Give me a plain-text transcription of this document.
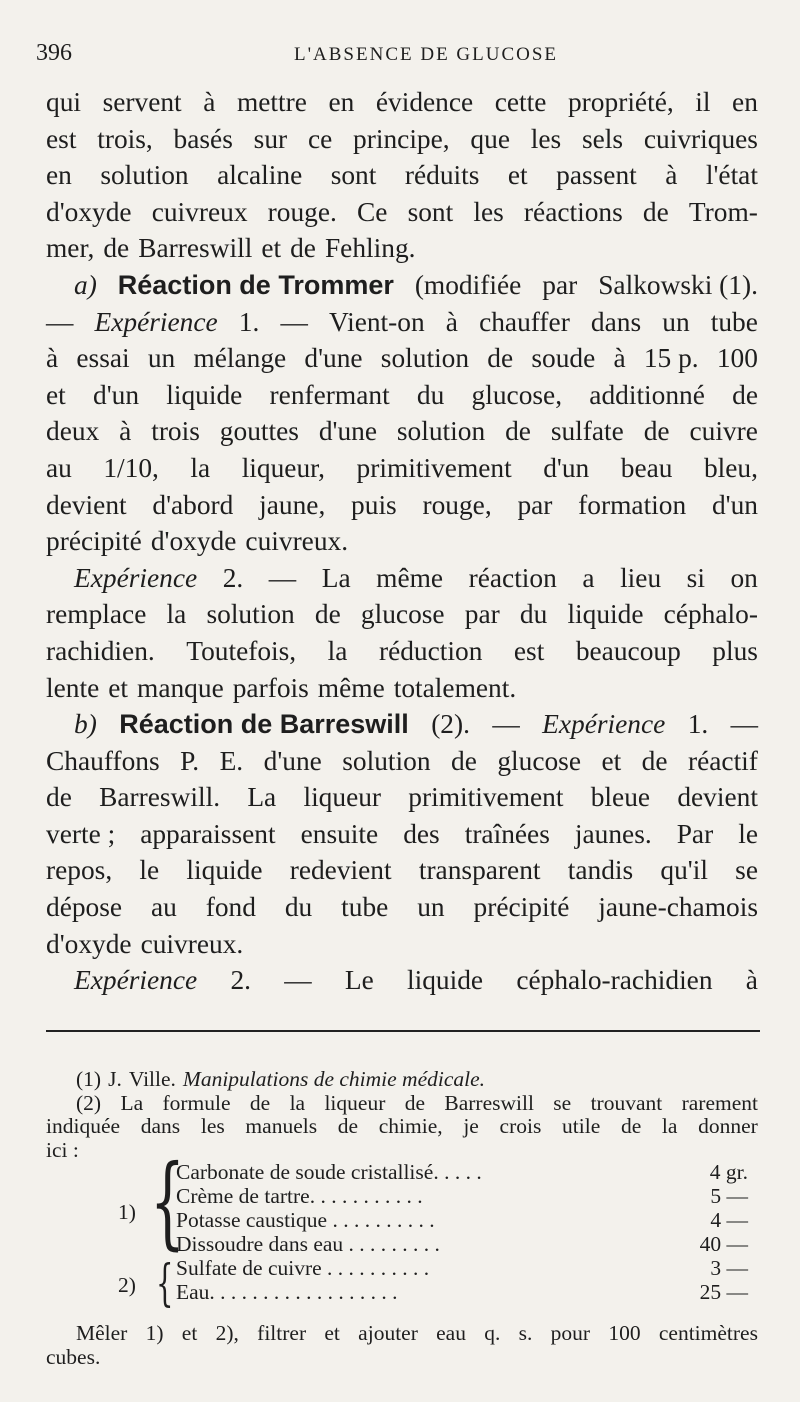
396	L'ABSENCE DE GLUCOSE
qui servent à mettre en évidence cette propriété, il en
est trois, basés sur ce principe, que les sels cuivriques
en solution alcaline sont réduits et passent à l'état
d'oxyde cuivreux rouge. Ce sont les réactions de Trom-
mer, de Barreswill et de Fehling.
a) Réaction de Trommer (modifiée par Salkowski (1).
— Expérience 1. — Vient-on à chauffer dans un tube
à essai un mélange d'une solution de soude à 15 p. 100
et d'un liquide renfermant du glucose, additionné de
deux à trois gouttes d'une solution de sulfate de cuivre
au 1/10, la liqueur, primitivement d'un beau bleu,
devient d'abord jaune, puis rouge, par formation d'un
précipité d'oxyde cuivreux.
Expérience 2. — La même réaction a lieu si on
remplace la solution de glucose par du liquide céphalo-
rachidien. Toutefois, la réduction est beaucoup plus
lente et manque parfois même totalement.
b) Réaction de Barreswill (2). — Expérience 1. —
Chauffons P. E. d'une solution de glucose et de réactif
de Barreswill. La liqueur primitivement bleue devient
verte ; apparaissent ensuite des traînées jaunes. Par le
repos, le liquide redevient transparent tandis qu'il se
dépose au fond du tube un précipité jaune-chamois
d'oxyde cuivreux.
Expérience 2. — Le liquide céphalo-rachidien à
(1) J. Ville. Manipulations de chimie médicale.
(2) La formule de la liqueur de Barreswill se trouvant rarement
indiquée dans les manuels de chimie, je crois utile de la donner
ici :
1) {
2) {
Carbonate de soude cristallisé. . . . .	4 gr.
Crème de tartre. . . . . . . . . . .	5 —
Potasse caustique . . . . . . . . . .	4 —
Dissoudre dans eau . . . . . . . . .	40 —
Sulfate de cuivre . . . . . . . . . .	3 —
Eau. . . . . . . . . . . . . . . . . .	25 —
Mêler 1) et 2), filtrer et ajouter eau q. s. pour 100 centimètres
cubes.
